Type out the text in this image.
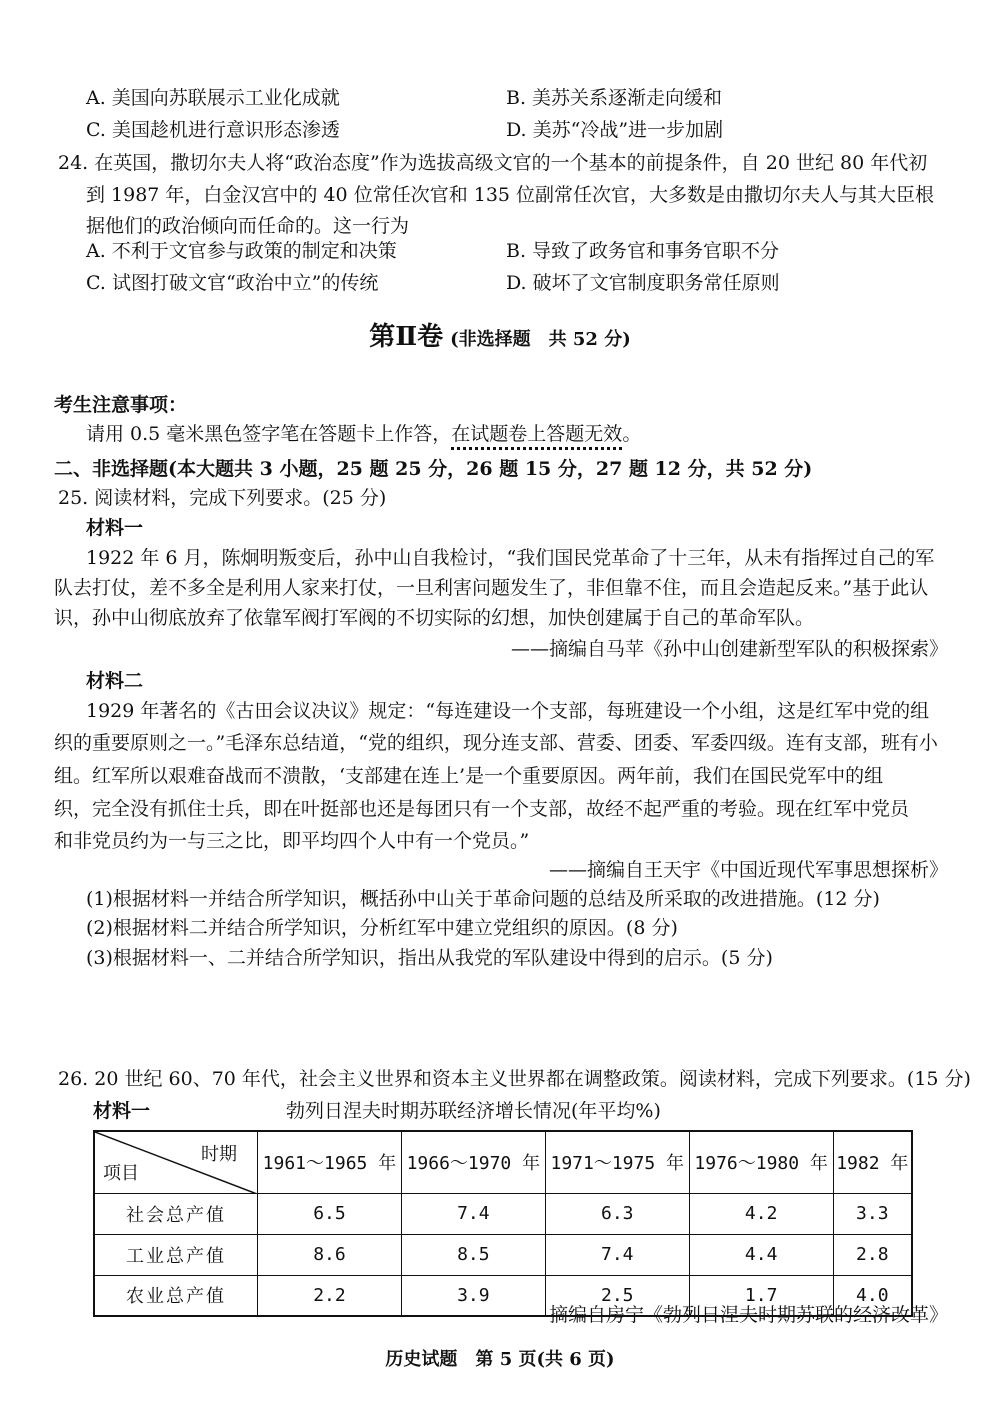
A. 美国向苏联展示工业化成就	B. 美苏关系逐渐走向缓和
C. 美国趁机进行意识形态渗透	D. 美苏“冷战”进一步加剧
24. 在英国，撒切尔夫人将“政治态度”作为选拔高级文官的一个基本的前提条件，自 20 世纪 80 年代初
到 1987 年，白金汉宫中的 40 位常任次官和 135 位副常任次官，大多数是由撒切尔夫人与其大臣根
据他们的政治倾向而任命的。这一行为
A. 不利于文官参与政策的制定和决策	B. 导致了政务官和事务官职不分
C. 试图打破文官“政治中立”的传统	D. 破坏了文官制度职务常任原则
第Ⅱ卷 (非选择题　共 52 分)
考生注意事项：
请用 0.5 毫米黑色签字笔在答题卡上作答，在试题卷上答题无效。
二、非选择题(本大题共 3 小题，25 题 25 分，26 题 15 分，27 题 12 分，共 52 分)
25. 阅读材料，完成下列要求。(25 分)
材料一
1922 年 6 月，陈炯明叛变后，孙中山自我检讨，“我们国民党革命了十三年，从未有指挥过自己的军
队去打仗，差不多全是利用人家来打仗，一旦利害问题发生了，非但靠不住，而且会造起反来。”基于此认
识，孙中山彻底放弃了依靠军阀打军阀的不切实际的幻想，加快创建属于自己的革命军队。
——摘编自马苹《孙中山创建新型军队的积极探索》
材料二
1929 年著名的《古田会议决议》规定：“每连建设一个支部，每班建设一个小组，这是红军中党的组
织的重要原则之一。”毛泽东总结道，“党的组织，现分连支部、营委、团委、军委四级。连有支部，班有小
组。红军所以艰难奋战而不溃散，‘支部建在连上’是一个重要原因。两年前，我们在国民党军中的组
织，完全没有抓住士兵，即在叶挺部也还是每团只有一个支部，故经不起严重的考验。现在红军中党员
和非党员约为一与三之比，即平均四个人中有一个党员。”
——摘编自王天宇《中国近现代军事思想探析》
(1)根据材料一并结合所学知识，概括孙中山关于革命问题的总结及所采取的改进措施。(12 分)
(2)根据材料二并结合所学知识，分析红军中建立党组织的原因。(8 分)
(3)根据材料一、二并结合所学知识，指出从我党的军队建设中得到的启示。(5 分)
26. 20 世纪 60、70 年代，社会主义世界和资本主义世界都在调整政策。阅读材料，完成下列要求。(15 分)
材料一	勃列日涅夫时期苏联经济增长情况(年平均%)
时期
项目	1961～1965 年	1966～1970 年	1971～1975 年	1976～1980 年	1982 年
社会总产值	6.5	7.4	6.3	4.2	3.3
工业总产值	8.6	8.5	7.4	4.4	2.8
农业总产值	2.2	3.9	2.5	1.7	4.0
——摘编自房宁《勃列日涅夫时期苏联的经济改革》
历史试题　第 5 页(共 6 页)
